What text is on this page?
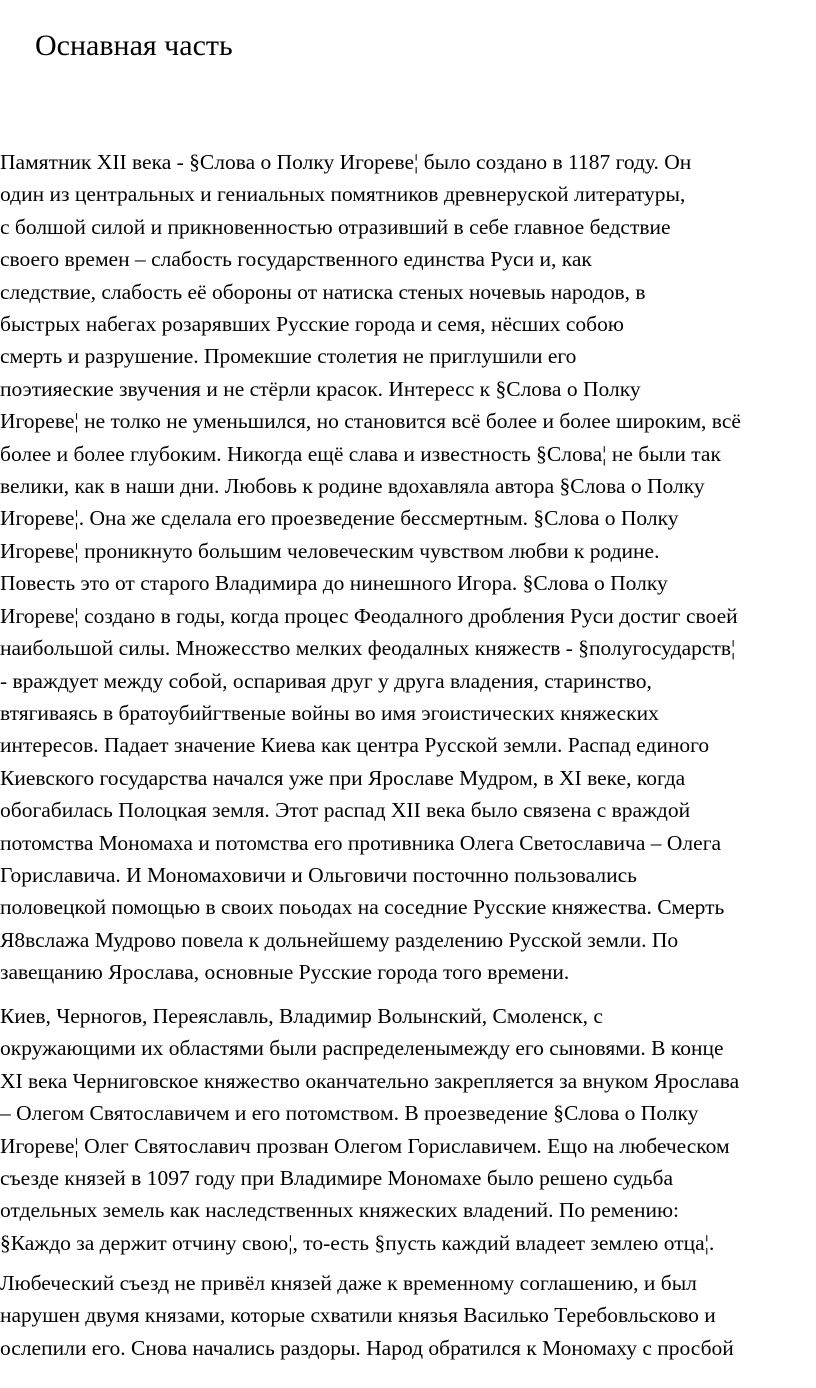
Оснавная часть
Памятник XII века - §Слова о Полку Игореве¦ было создано в 1187 году. Он
один из центральных и гениальных помятников древнеруской литературы,
с болшой силой и прикновенностью отразивший в себе главное бедствие
своего времен – слабость государственного единства Руси и, как
следствие, слабость её обороны от натиска стеных ночевыь народов, в
быстрых набегах розарявших Русские города и семя, нёсших собою
смерть и разрушение. Промекшие столетия не приглушили его
поэтияеские звучения и не стёрли красок. Интересс к §Слова о Полку
Игореве¦ не толко не уменьшился, но становится всё более и более широким, всё
более и более глубоким. Никогда ещё слава и известность §Слова¦ не были так
велики, как в наши дни. Любовь к родине вдохавляла автора §Слова о Полку
Игореве¦. Она же сделала его проезведение бессмертным. §Слова о Полку
Игореве¦ проникнуто большим человеческим чувством любви к родине.
Повесть это от старого Владимира до нинешного Игора. §Слова о Полку
Игореве¦ создано в годы, когда процес Феодалного дробления Руси достиг своей
наибольшой силы. Множесство мелких феодалных княжеств - §полугосударств¦
- враждует между собой, оспаривая друг у друга владения, старинство,
втягиваясь в братоубийгтвеные войны во имя эгоистических княжеских
интересов. Падает значение Киева как центра Русской земли. Распад единого
Киевского государства начался уже при Ярославе Мудром, в XI веке, когда
обогабилась Полоцкая земля. Этот распад XII века было связена с враждой
потомства Мономаха и потомства его противника Олега Светославича – Олега
Гориславича. И Мономаховичи и Ольговичи посточнно пользовались
половецкой помощью в своих поьодах на соседние Русские княжества. Смерть
Я8вслажа Мудрово повела к дольнейшему разделению Русской земли. По
завещанию Ярослава, основные Русские города того времени.
Киев, Черногов, Переяславль, Владимир Волынский, Смоленск, с
окружающими их областями были распределенымежду его сыновями. В конце
XI века Черниговское княжество оканчательно закрепляется за внуком Ярослава
– Олегом Святославичем и его потомством. В проезведение §Слова о Полку
Игореве¦ Олег Святославич прозван Олегом Гориславичем. Ещо на любеческом
съезде князей в 1097 году при Владимире Мономахе было решено судьба
отдельных земель как наследственных княжеских владений. По ремению:
§Каждо за держит отчину свою¦, то-есть §пусть каждий владеет землею отца¦.
Любеческий съезд не привёл князей даже к временному соглашению, и был
нарушен двумя князами, которые схватили князья Василько Теребовльсково и
ослепили его. Снова начались раздоры. Народ обратился к Мономаху с просбой
